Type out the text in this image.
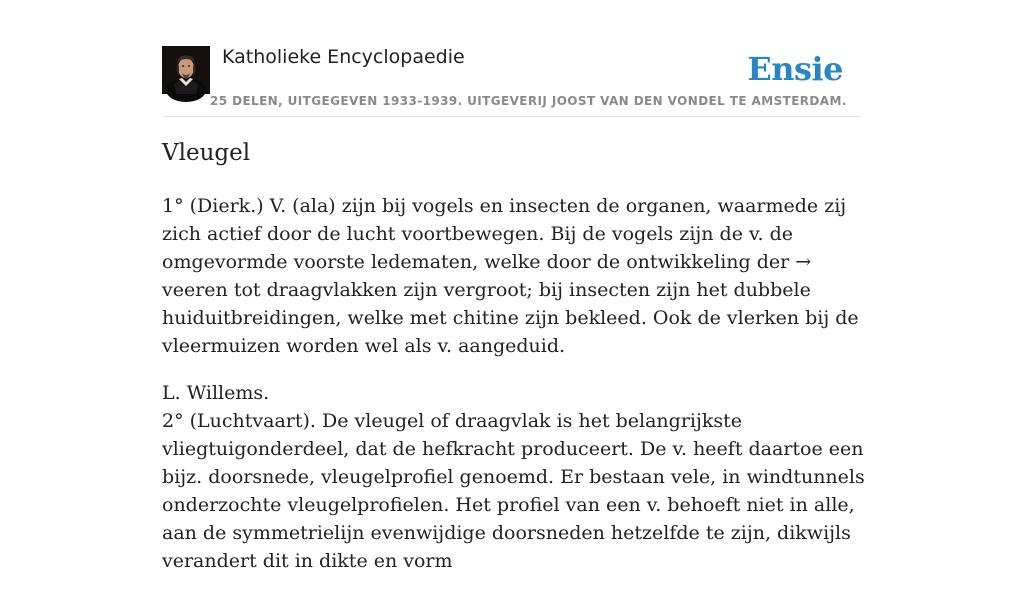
Katholieke Encyclopaedie
25 DELEN, UITGEGEVEN 1933-1939. UITGEVERIJ JOOST VAN DEN VONDEL TE AMSTERDAM.
Ensie
Vleugel

1° (Dierk.) V. (ala) zijn bij vogels en insecten de organen, waarmede zij zich actief door de lucht voortbewegen. Bij de vogels zijn de v. de omgevormde voorste ledematen, welke door de ontwikkeling der → veeren tot draagvlakken zijn vergroot; bij insecten zijn het dubbele huiduitbreidingen, welke met chitine zijn bekleed. Ook de vlerken bij de vleermuizen worden wel als v. aangeduid.

L. Willems.

2° (Luchtvaart). De vleugel of draagvlak is het belangrijkste vliegtuigonderdeel, dat de hefkracht produceert. De v. heeft daartoe een bijz. doorsnede, vleugelprofiel genoemd. Er bestaan vele, in windtunnels onderzochte vleugelprofielen. Het profiel van een v. behoeft niet in alle, aan de symmetrielijn evenwijdige doorsneden hetzelfde te zijn, dikwijls verandert dit in dikte en vorm
